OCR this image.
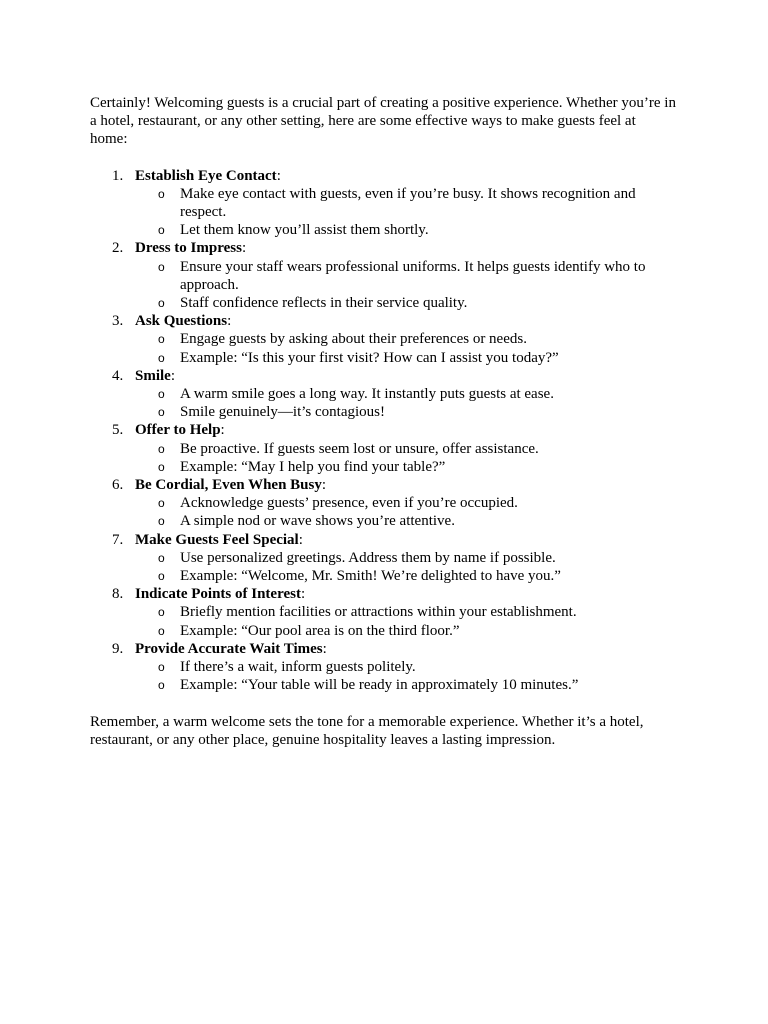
Certainly! Welcoming guests is a crucial part of creating a positive experience. Whether you’re in a hotel, restaurant, or any other setting, here are some effective ways to make guests feel at home:

1. Establish Eye Contact:
o Make eye contact with guests, even if you’re busy. It shows recognition and respect.
o Let them know you’ll assist them shortly.
2. Dress to Impress:
o Ensure your staff wears professional uniforms. It helps guests identify who to approach.
o Staff confidence reflects in their service quality.
3. Ask Questions:
o Engage guests by asking about their preferences or needs.
o Example: “Is this your first visit? How can I assist you today?”
4. Smile:
o A warm smile goes a long way. It instantly puts guests at ease.
o Smile genuinely—it’s contagious!
5. Offer to Help:
o Be proactive. If guests seem lost or unsure, offer assistance.
o Example: “May I help you find your table?”
6. Be Cordial, Even When Busy:
o Acknowledge guests’ presence, even if you’re occupied.
o A simple nod or wave shows you’re attentive.
7. Make Guests Feel Special:
o Use personalized greetings. Address them by name if possible.
o Example: “Welcome, Mr. Smith! We’re delighted to have you.”
8. Indicate Points of Interest:
o Briefly mention facilities or attractions within your establishment.
o Example: “Our pool area is on the third floor.”
9. Provide Accurate Wait Times:
o If there’s a wait, inform guests politely.
o Example: “Your table will be ready in approximately 10 minutes.”

Remember, a warm welcome sets the tone for a memorable experience. Whether it’s a hotel, restaurant, or any other place, genuine hospitality leaves a lasting impression.
